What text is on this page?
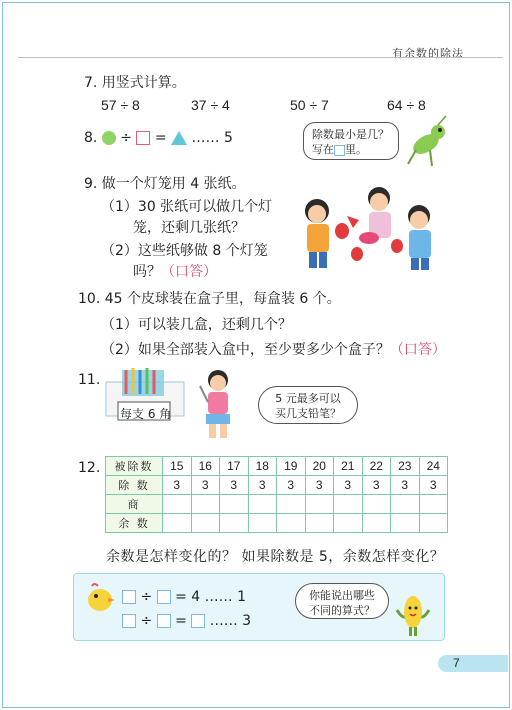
有余数的除法
7. 用竖式计算。
57 ÷ 8	37 ÷ 4	50 ÷ 7	64 ÷ 8
8. ÷ = …… 5	除数最小是几？
写在 里。
9. 做一个灯笼用 4 张纸。
（1）30 张纸可以做几个灯
笼，还剩几张纸？
（2）这些纸够做 8 个灯笼
吗？（口答）
10. 45 个皮球装在盒子里，每盒装 6 个。
（1）可以装几盒，还剩几个？
（2）如果全部装入盒中，至少要多少个盒子？（口答）
11.
每支 6 角
5 元最多可以
买几支铅笔？
12. 被除数	15	16	17	18	19	20	21	22	23	24
除 数	3	3	3	3	3	3	3	3	3	3
商										
余 数										
余数是怎样变化的？ 如果除数是 5，余数怎样变化？
÷ = 4 …… 1
÷ = …… 3
你能说出哪些
不同的算式？
7
